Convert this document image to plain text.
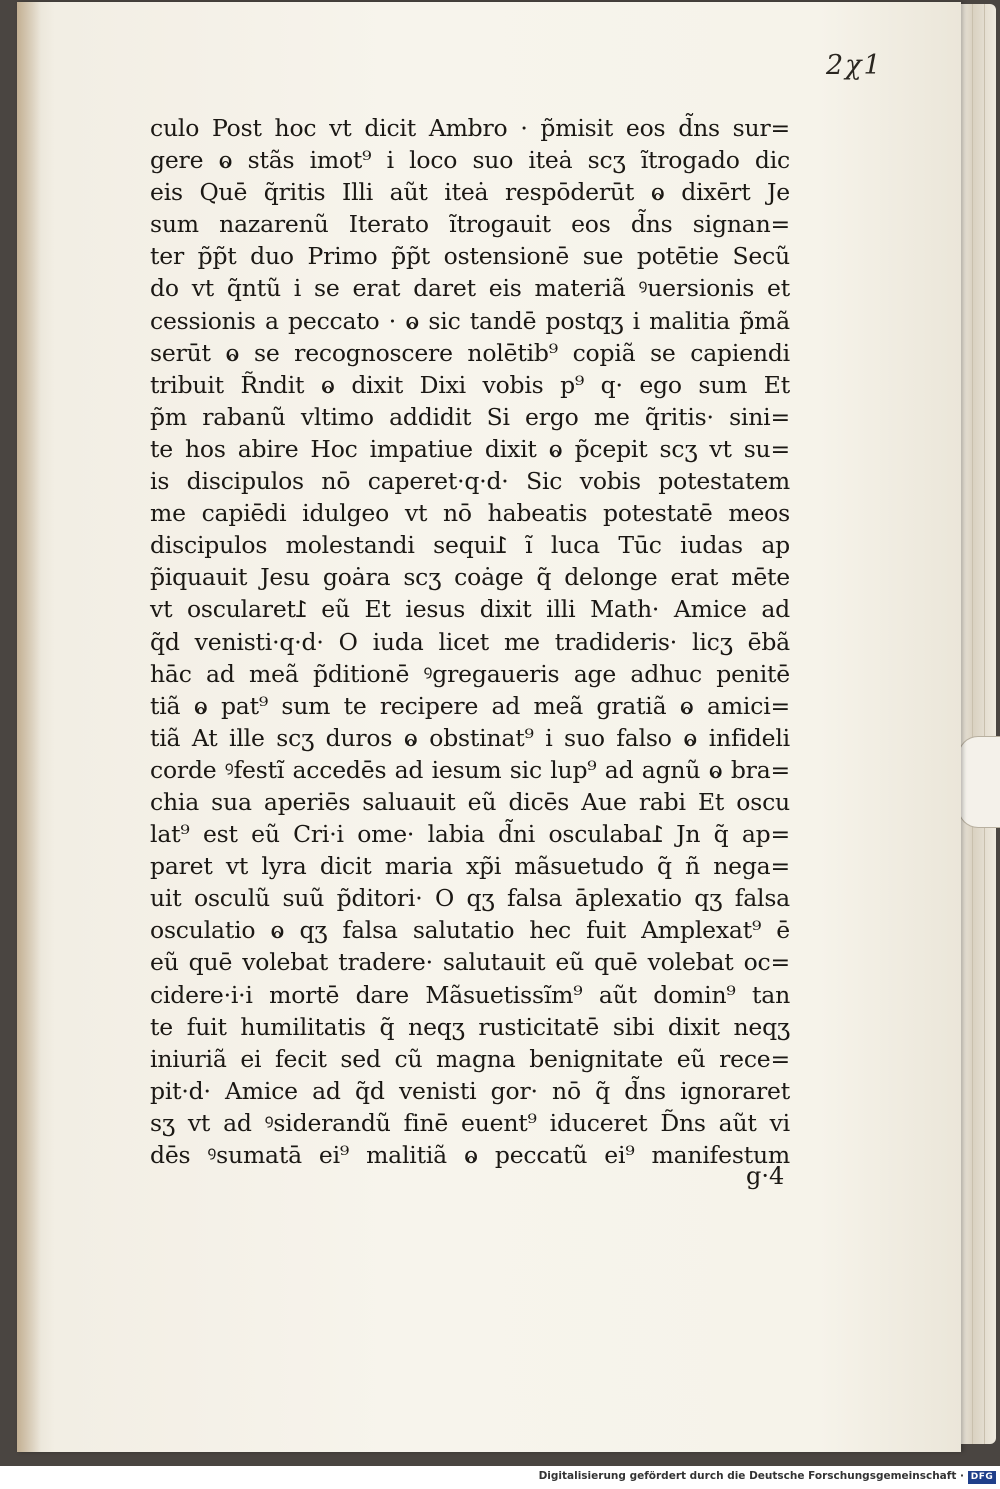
2χ1
culo Post hoc vt dicit Ambro · p̃misit eos d̃ns sur=
gere ⱺ stãs imot⁹ i loco suo iteȧ scʒ ĩtrogado dic
eis Quē q̃ritis Illi aũt iteȧ respōderūt ⱺ dixērt Je
sum nazarenũ Iterato ĩtrogauit eos d̃ns signan=
ter p̃p̃t duo Primo p̃p̃t ostensionē sue potētie Secũ
do vt q̃ntũ i se erat daret eis materiã ꝰuersionis et
cessionis a peccato · ⱺ sic tandē postqʒ i malitia p̃mã
serūt ⱺ se recognoscere nolētib⁹ copiã se capiendi
tribuit R̃ndit ⱺ dixit Dixi vobis p⁹ q· ego sum Et
p̃m rabanũ vltimo addidit Si ergo me q̃ritis· sini=
te hos abire Hoc impatiue dixit ⱺ p̃cepit scʒ vt su=
is discipulos nō caperet·q·d· Sic vobis potestatem
me capiēdi idulgeo vt nō habeatis potestatē meos
discipulos molestandi sequiꛬ ĩ luca Tūc iudas ap
p̃iquauit Jesu goȧra scʒ coȧge q̃ delonge erat mēte
vt oscularetꛬ eũ Et iesus dixit illi Math· Amice ad
q̃d venisti·q·d· O iuda licet me tradideris· licʒ ēbã
hāc ad meã p̃ditionē ꝰgregaueris age adhuc penitē
tiã ⱺ pat⁹ sum te recipere ad meã gratiã ⱺ amici=
tiã At ille scʒ duros ⱺ obstinat⁹ i suo falso ⱺ infideli
corde ꝰfestĩ accedēs ad iesum sic lup⁹ ad agnũ ⱺ bra=
chia sua aperiēs saluauit eũ dicēs Aue rabi Et oscu
lat⁹ est eũ Cri·i ome· labia d̃ni osculabaꛬ Jn q̃ ap=
paret vt lyra dicit maria xp̃i mãsuetudo q̃ ñ nega=
uit osculũ suũ p̃ditori· O qʒ falsa āplexatio qʒ falsa
osculatio ⱺ qʒ falsa salutatio hec fuit Amplexat⁹ ē
eũ quē volebat tradere· salutauit eũ quē volebat oc=
cidere·i·i mortē dare Mãsuetissĩm⁹ aũt domin⁹ tan
te fuit humilitatis q̃ neqʒ rusticitatē sibi dixit neqʒ
iniuriã ei fecit sed cũ magna benignitate eũ rece=
pit·d· Amice ad q̃d venisti gor· nō q̃ d̃ns ignoraret
sʒ vt ad ꝰsiderandũ finē euent⁹ iduceret D̃ns aũt vi
dēs ꝰsumatā ei⁹ malitiã ⱺ peccatũ ei⁹ manifestum
g·4
Digitalisierung gefördert durch die Deutsche Forschungsgemeinschaft · DFG
